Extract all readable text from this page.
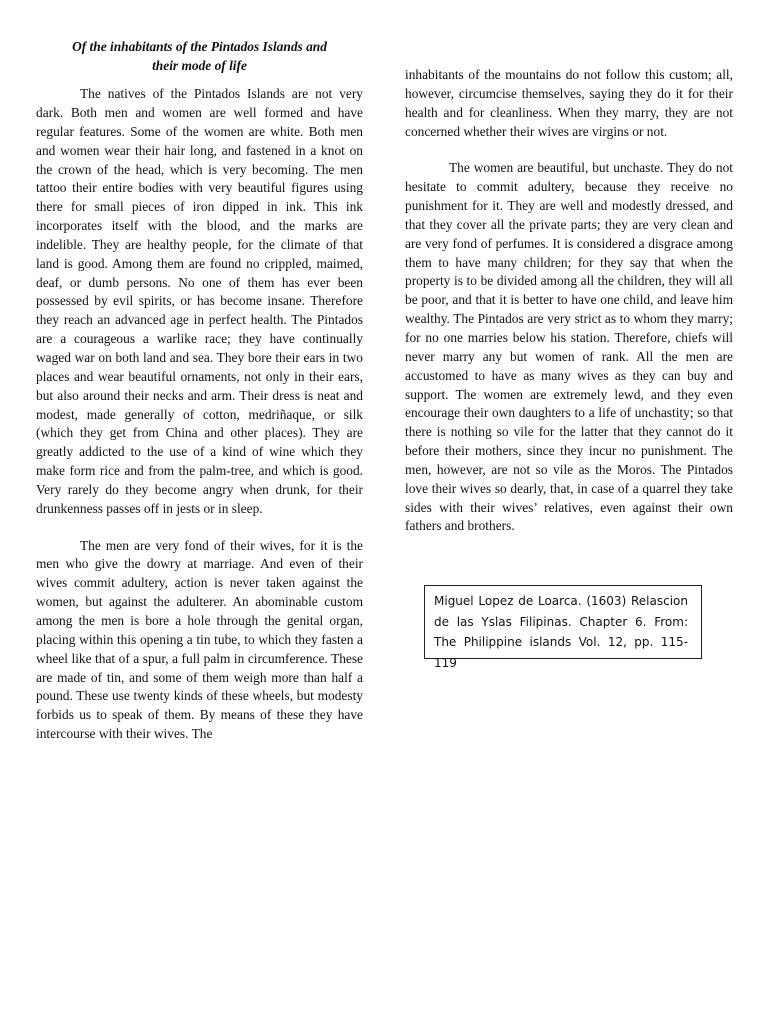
Of the inhabitants of the Pintados Islands and their mode of life

The natives of the Pintados Islands are not very dark. Both men and women are well formed and have regular features. Some of the women are white. Both men and women wear their hair long, and fastened in a knot on the crown of the head, which is very becoming. The men tattoo their entire bodies with very beautiful figures using there for small pieces of iron dipped in ink. This ink incorporates itself with the blood, and the marks are indelible. They are healthy people, for the climate of that land is good. Among them are found no crippled, maimed, deaf, or dumb persons. No one of them has ever been possessed by evil spirits, or has become insane. Therefore they reach an advanced age in perfect health. The Pintados are a courageous a warlike race; they have continually waged war on both land and sea. They bore their ears in two places and wear beautiful ornaments, not only in their ears, but also around their necks and arm. Their dress is neat and modest, made generally of cotton, medriñaque, or silk (which they get from China and other places). They are greatly addicted to the use of a kind of wine which they make form rice and from the palm-tree, and which is good. Very rarely do they become angry when drunk, for their drunkenness passes off in jests or in sleep.

The men are very fond of their wives, for it is the men who give the dowry at marriage. And even of their wives commit adultery, action is never taken against the women, but against the adulterer. An abominable custom among the men is bore a hole through the genital organ, placing within this opening a tin tube, to which they fasten a wheel like that of a spur, a full palm in circumference. These are made of tin, and some of them weigh more than half a pound. These use twenty kinds of these wheels, but modesty forbids us to speak of them. By means of these they have intercourse with their wives. The

inhabitants of the mountains do not follow this custom; all, however, circumcise themselves, saying they do it for their health and for cleanliness. When they marry, they are not concerned whether their wives are virgins or not.

The women are beautiful, but unchaste. They do not hesitate to commit adultery, because they receive no punishment for it. They are well and modestly dressed, and that they cover all the private parts; they are very clean and are very fond of perfumes. It is considered a disgrace among them to have many children; for they say that when the property is to be divided among all the children, they will all be poor, and that it is better to have one child, and leave him wealthy. The Pintados are very strict as to whom they marry; for no one marries below his station. Therefore, chiefs will never marry any but women of rank. All the men are accustomed to have as many wives as they can buy and support. The women are extremely lewd, and they even encourage their own daughters to a life of unchastity; so that there is nothing so vile for the latter that they cannot do it before their mothers, since they incur no punishment. The men, however, are not so vile as the Moros. The Pintados love their wives so dearly, that, in case of a quarrel they take sides with their wives’ relatives, even against their own fathers and brothers.

Miguel Lopez de Loarca. (1603) Relascion de las Yslas Filipinas. Chapter 6. From: The Philippine islands Vol. 12, pp. 115-119
